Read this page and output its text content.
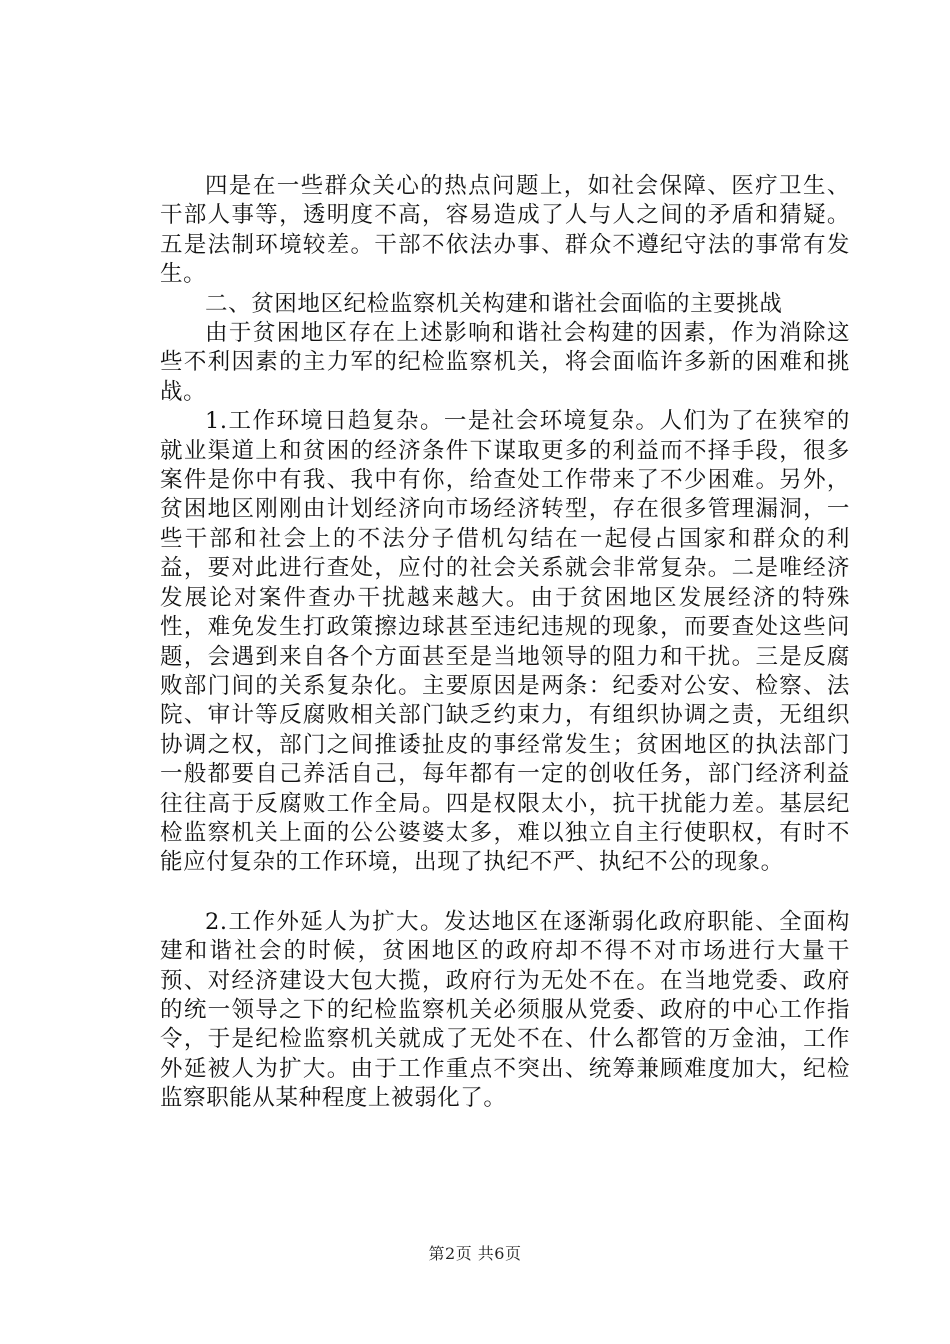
四是在一些群众关心的热点问题上，如社会保障、医疗卫生、干部人事等，透明度不高，容易造成了人与人之间的矛盾和猜疑。五是法制环境较差。干部不依法办事、群众不遵纪守法的事常有发生。

二、贫困地区纪检监察机关构建和谐社会面临的主要挑战

由于贫困地区存在上述影响和谐社会构建的因素，作为消除这些不利因素的主力军的纪检监察机关，将会面临许多新的困难和挑战。

1.工作环境日趋复杂。一是社会环境复杂。人们为了在狭窄的就业渠道上和贫困的经济条件下谋取更多的利益而不择手段，很多案件是你中有我、我中有你，给查处工作带来了不少困难。另外，贫困地区刚刚由计划经济向市场经济转型，存在很多管理漏洞，一些干部和社会上的不法分子借机勾结在一起侵占国家和群众的利益，要对此进行查处，应付的社会关系就会非常复杂。二是唯经济发展论对案件查办干扰越来越大。由于贫困地区发展经济的特殊性，难免发生打政策擦边球甚至违纪违规的现象，而要查处这些问题，会遇到来自各个方面甚至是当地领导的阻力和干扰。三是反腐败部门间的关系复杂化。主要原因是两条：纪委对公安、检察、法院、审计等反腐败相关部门缺乏约束力，有组织协调之责，无组织协调之权，部门之间推诿扯皮的事经常发生；贫困地区的执法部门一般都要自己养活自己，每年都有一定的创收任务，部门经济利益往往高于反腐败工作全局。四是权限太小，抗干扰能力差。基层纪检监察机关上面的公公婆婆太多，难以独立自主行使职权，有时不能应付复杂的工作环境，出现了执纪不严、执纪不公的现象。

2.工作外延人为扩大。发达地区在逐渐弱化政府职能、全面构建和谐社会的时候，贫困地区的政府却不得不对市场进行大量干预、对经济建设大包大揽，政府行为无处不在。在当地党委、政府的统一领导之下的纪检监察机关必须服从党委、政府的中心工作指令，于是纪检监察机关就成了无处不在、什么都管的万金油，工作外延被人为扩大。由于工作重点不突出、统筹兼顾难度加大，纪检监察职能从某种程度上被弱化了。

第2页 共6页
